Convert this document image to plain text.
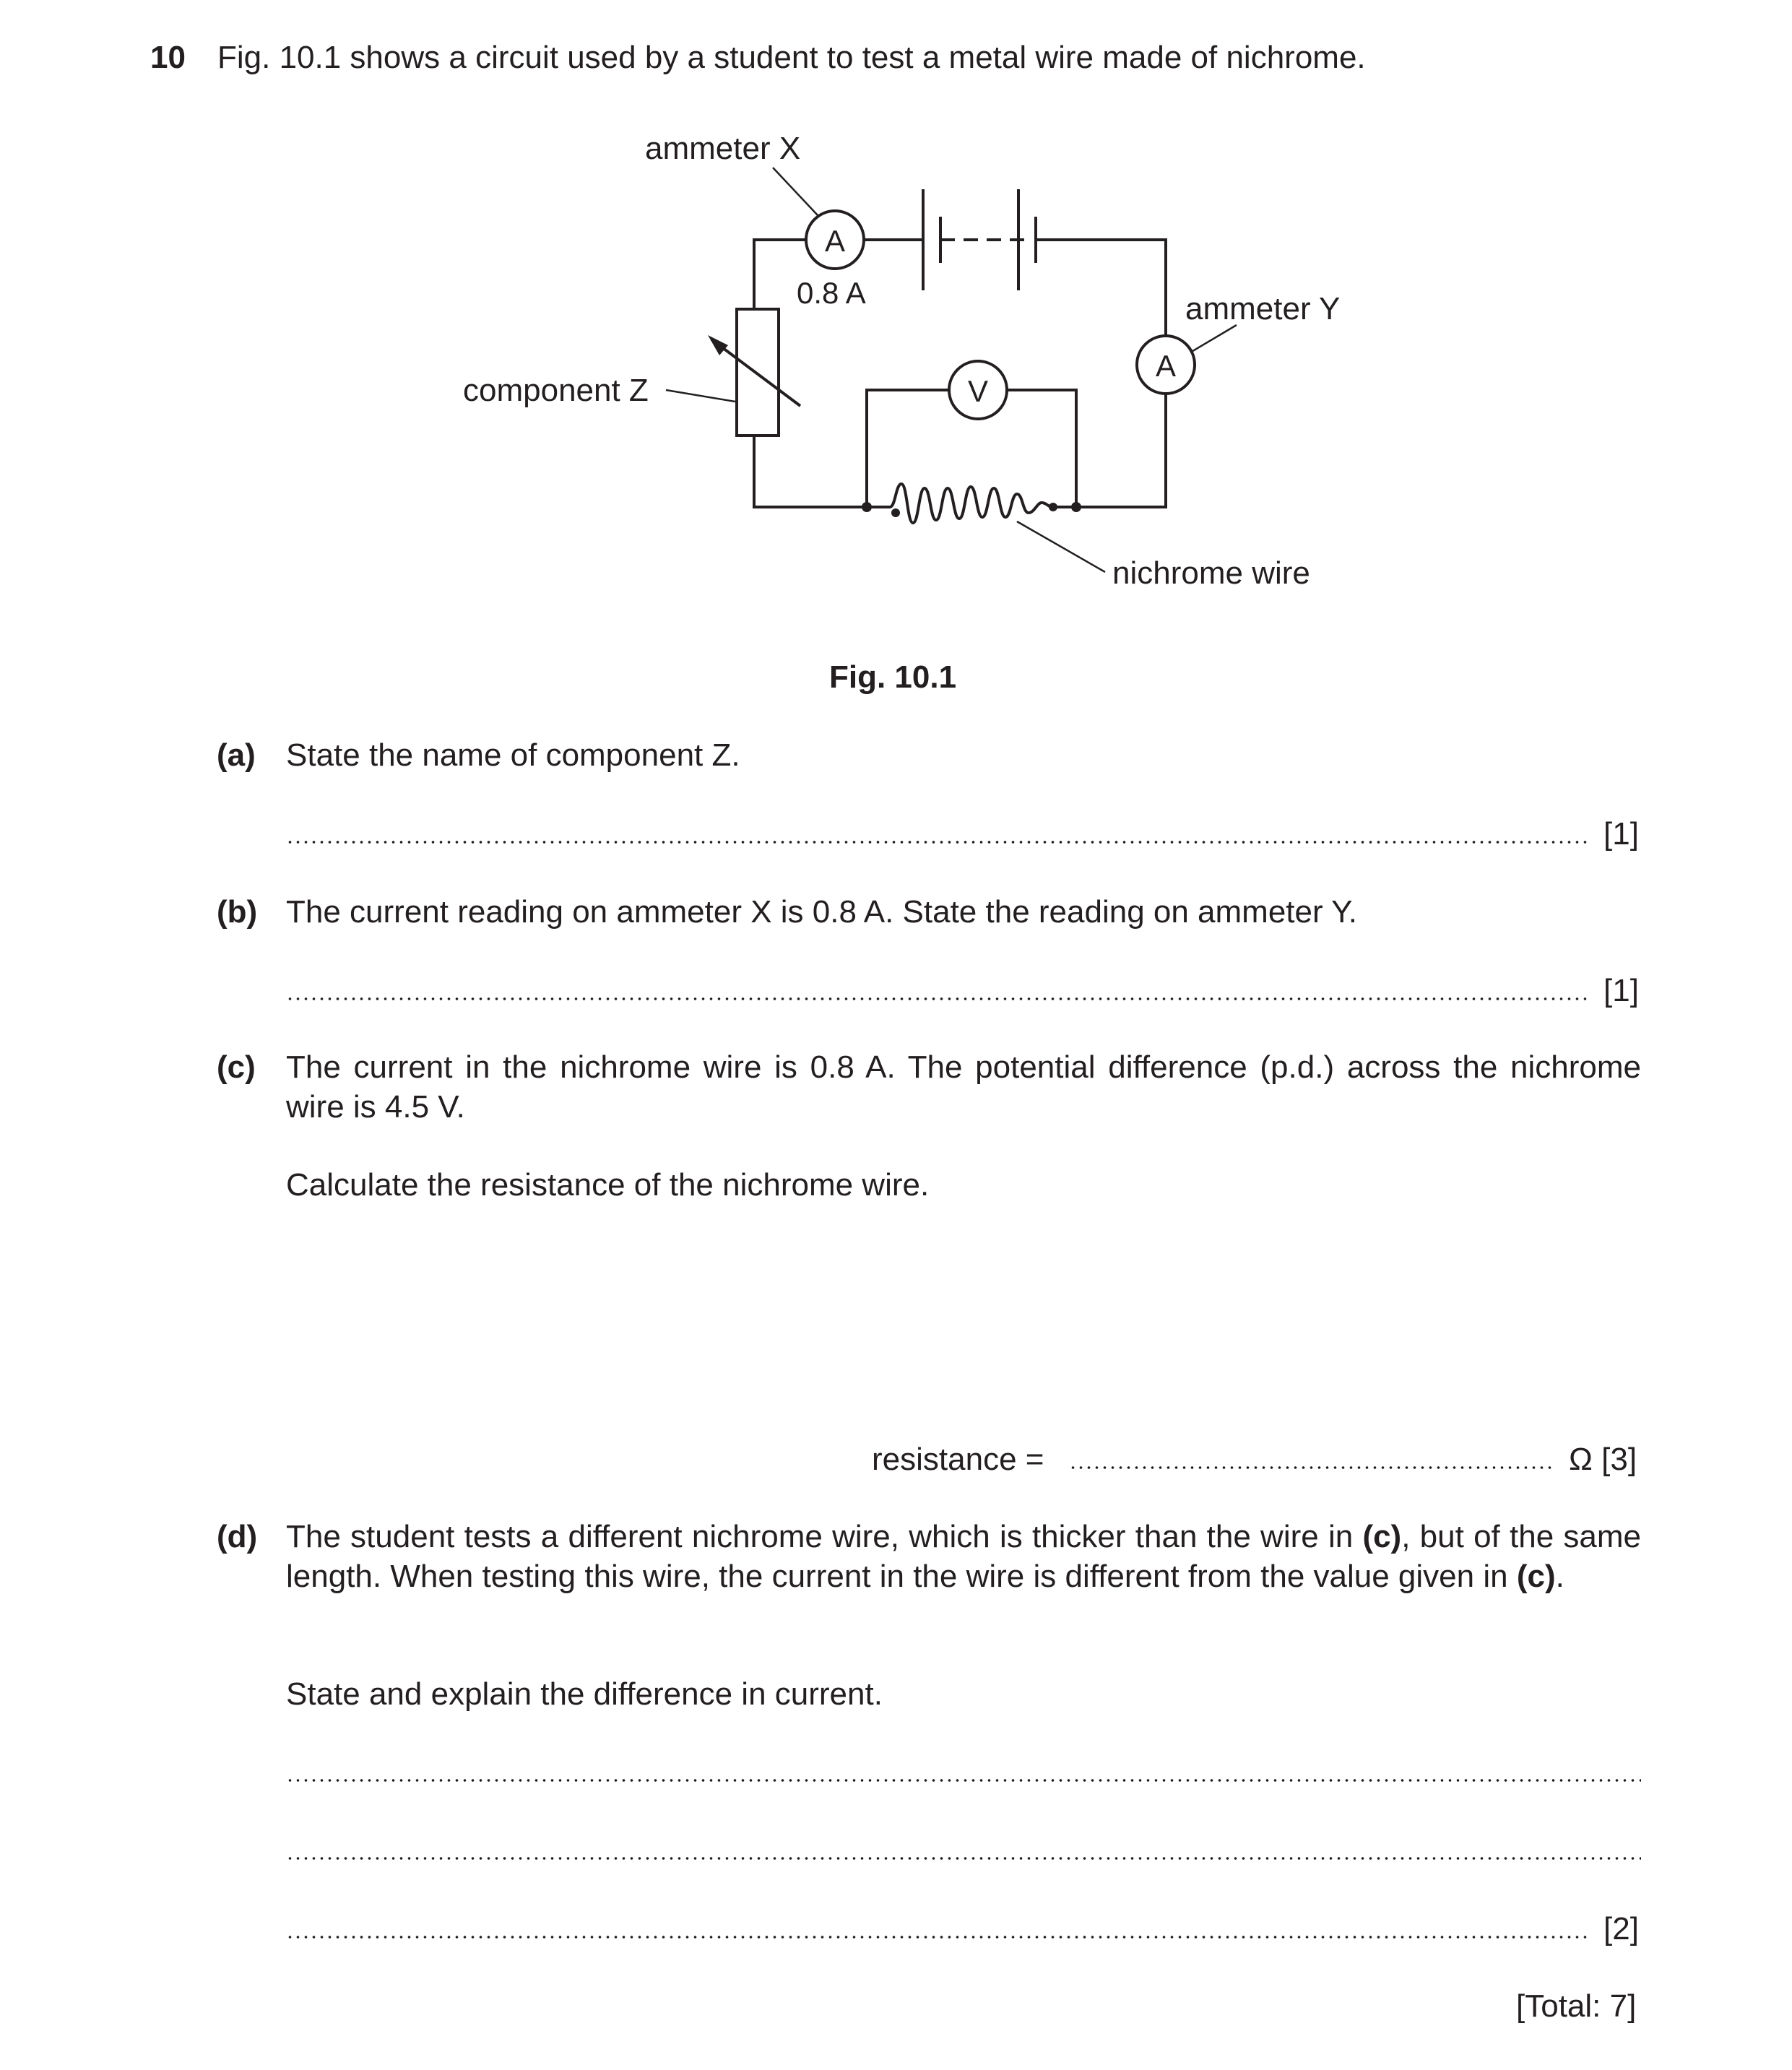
10 Fig. 10.1 shows a circuit used by a student to test a metal wire made of nichrome.
A
A
V
ammeter X
0.8 A	ammeter Y
component Z
nichrome wire
Fig. 10.1
(a) State the name of component Z.
[1]
(b) The current reading on ammeter X is 0.8 A. State the reading on ammeter Y.
[1]
(c) The current in the nichrome wire is 0.8 A. The potential difference (p.d.) across the nichrome wire is 4.5 V.
Calculate the resistance of the nichrome wire.
resistance =	Ω [3]
(d) The student tests a different nichrome wire, which is thicker than the wire in (c), but of the same length. When testing this wire, the current in the wire is different from the value given in (c).
State and explain the difference in current.
[2]
[Total: 7]
